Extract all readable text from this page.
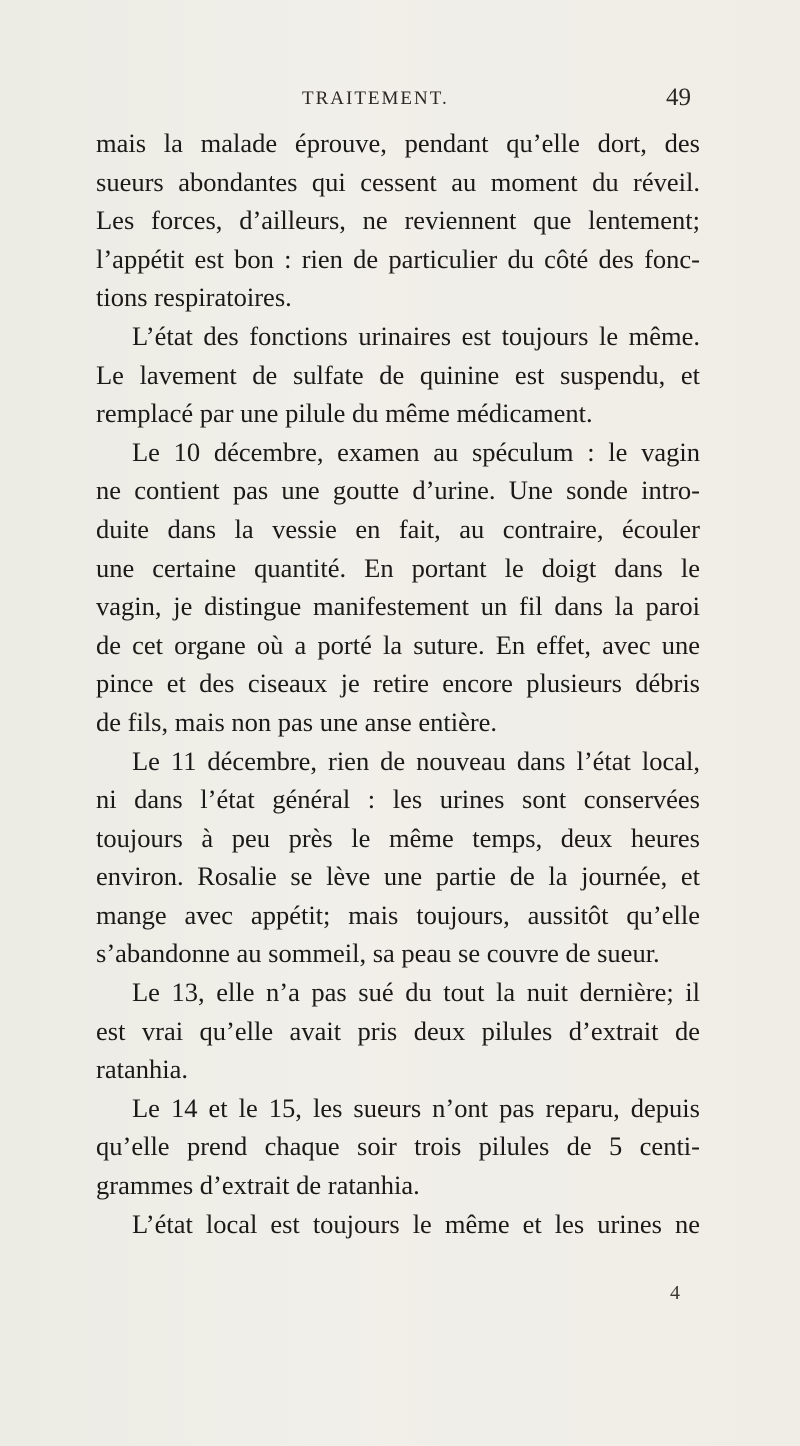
TRAITEMENT.	49
mais la malade éprouve, pendant qu’elle dort, des
sueurs abondantes qui cessent au moment du réveil.
Les forces, d’ailleurs, ne reviennent que lentement;
l’appétit est bon : rien de particulier du côté des fonc-
tions respiratoires.
L’état des fonctions urinaires est toujours le même.
Le lavement de sulfate de quinine est suspendu, et
remplacé par une pilule du même médicament.
Le 10 décembre, examen au spéculum : le vagin
ne contient pas une goutte d’urine. Une sonde intro-
duite dans la vessie en fait, au contraire, écouler
une certaine quantité. En portant le doigt dans le
vagin, je distingue manifestement un fil dans la paroi
de cet organe où a porté la suture. En effet, avec une
pince et des ciseaux je retire encore plusieurs débris
de fils, mais non pas une anse entière.
Le 11 décembre, rien de nouveau dans l’état local,
ni dans l’état général : les urines sont conservées
toujours à peu près le même temps, deux heures
environ. Rosalie se lève une partie de la journée, et
mange avec appétit; mais toujours, aussitôt qu’elle
s’abandonne au sommeil, sa peau se couvre de sueur.
Le 13, elle n’a pas sué du tout la nuit dernière; il
est vrai qu’elle avait pris deux pilules d’extrait de
ratanhia.
Le 14 et le 15, les sueurs n’ont pas reparu, depuis
qu’elle prend chaque soir trois pilules de 5 centi-
grammes d’extrait de ratanhia.
L’état local est toujours le même et les urines ne
4
